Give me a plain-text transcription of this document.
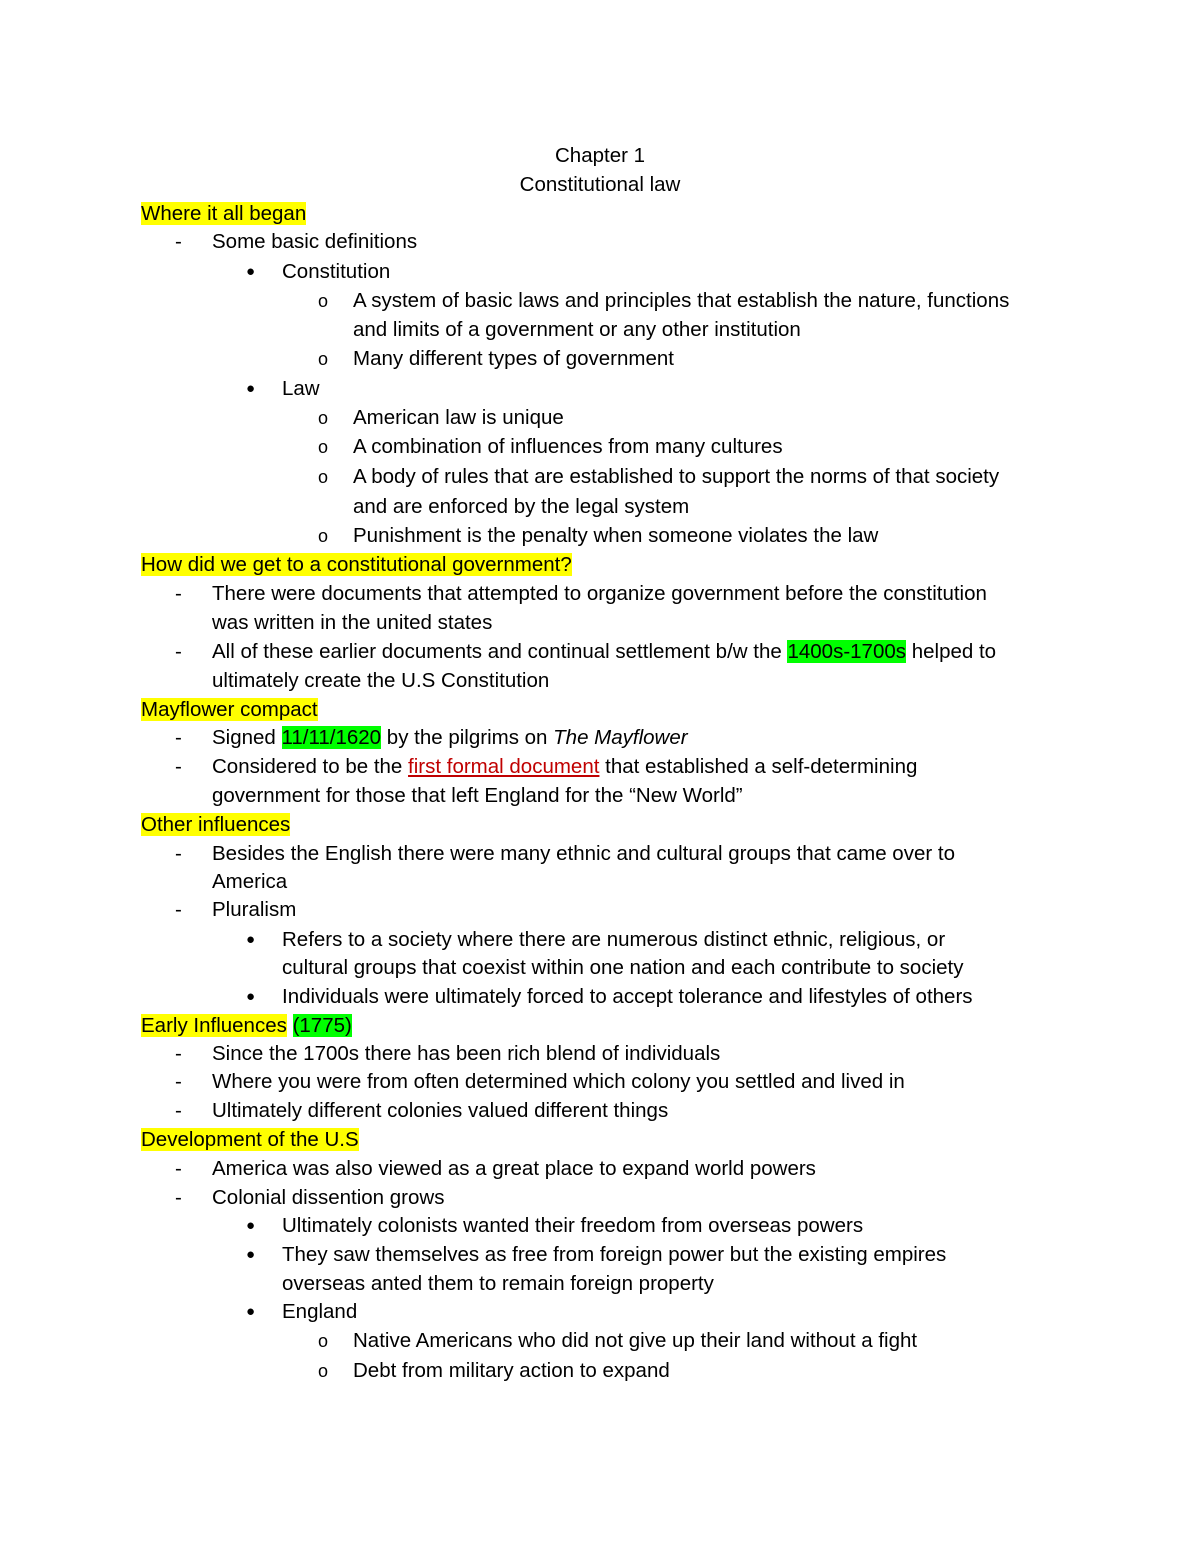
Chapter 1
Constitutional law
Where it all began
- Some basic definitions
● Constitution
o A system of basic laws and principles that establish the nature, functions
and limits of a government or any other institution
o Many different types of government
● Law
o American law is unique
o A combination of influences from many cultures
o A body of rules that are established to support the norms of that society
and are enforced by the legal system
o Punishment is the penalty when someone violates the law
How did we get to a constitutional government?
- There were documents that attempted to organize government before the constitution
was written in the united states
- All of these earlier documents and continual settlement b/w the 1400s-1700s helped to
ultimately create the U.S Constitution
Mayflower compact
- Signed 11/11/1620 by the pilgrims on The Mayflower
- Considered to be the first formal document that established a self-determining
government for those that left England for the “New World”
Other influences
- Besides the English there were many ethnic and cultural groups that came over to
America
- Pluralism
● Refers to a society where there are numerous distinct ethnic, religious, or
cultural groups that coexist within one nation and each contribute to society
● Individuals were ultimately forced to accept tolerance and lifestyles of others
Early Influences (1775)
- Since the 1700s there has been rich blend of individuals
- Where you were from often determined which colony you settled and lived in
- Ultimately different colonies valued different things
Development of the U.S
- America was also viewed as a great place to expand world powers
- Colonial dissention grows
● Ultimately colonists wanted their freedom from overseas powers
● They saw themselves as free from foreign power but the existing empires
overseas anted them to remain foreign property
● England
o Native Americans who did not give up their land without a fight
o Debt from military action to expand
